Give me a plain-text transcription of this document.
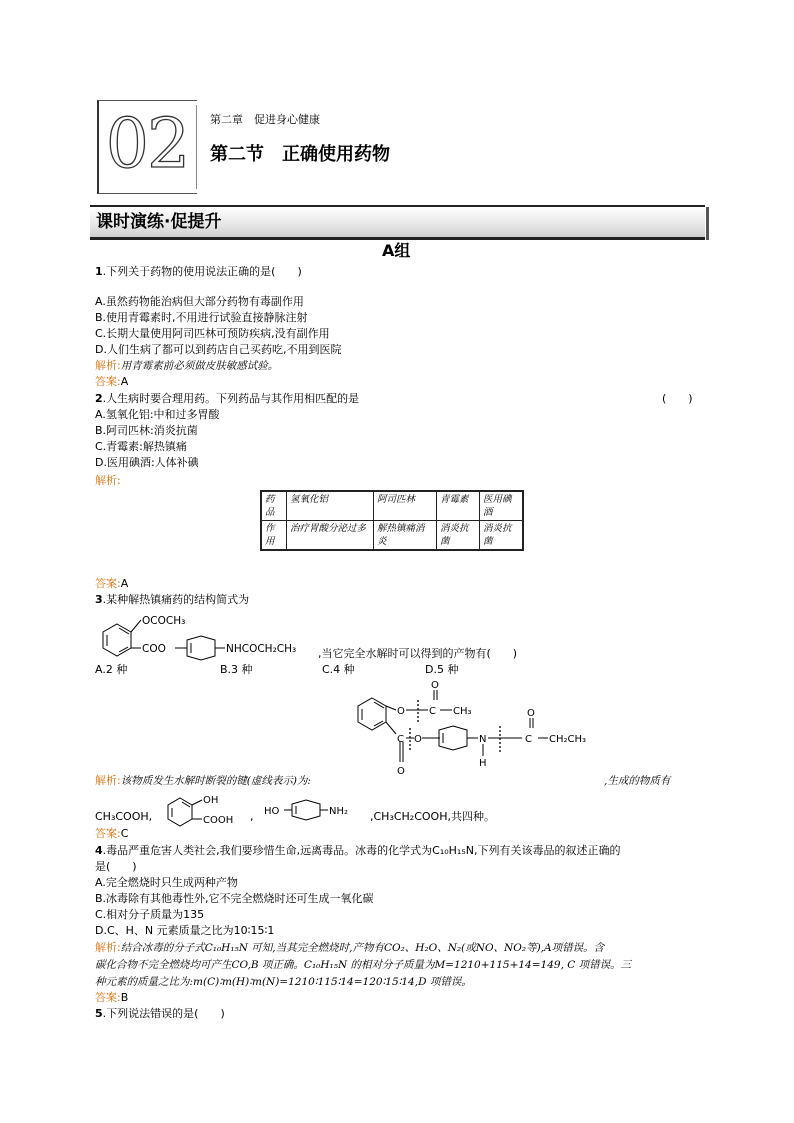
02	第二章　促进身心健康
第二节　正确使用药物
课时演练·促提升
A组
1.下列关于药物的使用说法正确的是(　　)
A.虽然药物能治病但大部分药物有毒副作用
B.使用青霉素时,不用进行试验直接静脉注射
C.长期大量使用阿司匹林可预防疾病,没有副作用
D.人们生病了都可以到药店自己买药吃,不用到医院
解析:用青霉素前必须做皮肤敏感试验。
答案:A
2.人生病时要合理用药。下列药品与其作用相匹配的是	(　　)
A.氢氧化铝:中和过多胃酸
B.阿司匹林:消炎抗菌
C.青霉素:解热镇痛
D.医用碘酒:人体补碘
解析:
药品	氢氧化铝	阿司匹林	青霉素	医用碘酒
作用	治疗胃酸分泌过多	解热镇痛消炎	消炎抗菌	消炎抗菌
答案:A
3.某种解热镇痛药的结构简式为
OCOCH₃
COO	NHCOCH₂CH₃ ,当它完全水解时可以得到的产物有(　　)
A.2 种	B.3 种	C.4 种	D.5 种
O
O
C CH₃
C
O
O	N
H
O
C CH₂CH₃
解析:该物质发生水解时断裂的键(虚线表示)为:	,生成的物质有
CH₃COOH,
OH
COOH , HO	NH₂ ,CH₃CH₂COOH,共四种。
答案:C
4.毒品严重危害人类社会,我们要珍惜生命,远离毒品。冰毒的化学式为C₁₀H₁₅N,下列有关该毒品的叙述正确的
是(　　)
A.完全燃烧时只生成两种产物
B.冰毒除有其他毒性外,它不完全燃烧时还可生成一氧化碳
C.相对分子质量为135
D.C、H、N 元素质量之比为10∶15∶1
解析:结合冰毒的分子式C₁₀H₁₅N 可知,当其完全燃烧时,产物有CO₂、H₂O、N₂(或NO、NO₂等),A项错误。含
碳化合物不完全燃烧均可产生CO,B 项正确。C₁₀H₁₅N 的相对分子质量为M=1210+115+14=149, C 项错误。三
种元素的质量之比为:m(C)∶m(H)∶m(N)=1210∶115∶14=120∶15∶14,D 项错误。
答案:B
5.下列说法错误的是(　　)
